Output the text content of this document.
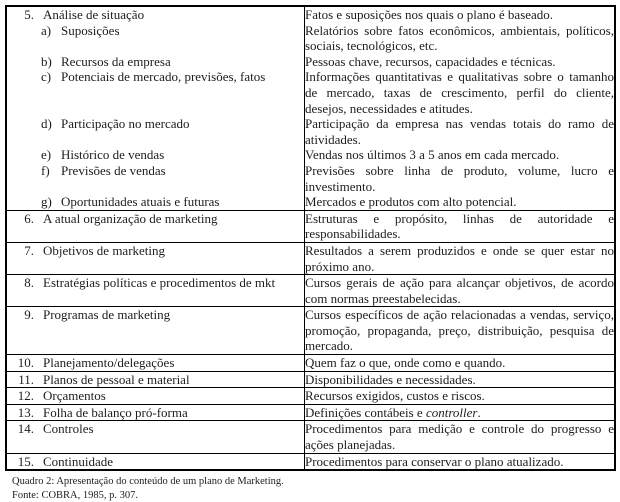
5. Análise de situação	Fatos e suposições nos quais o plano é baseado.

a) Suposições	Relatórios sobre fatos econômicos, ambientais, políticos, sociais, tecnológicos, etc.

b) Recursos da empresa	Pessoas chave, recursos, capacidades e técnicas.

c) Potenciais de mercado, previsões, fatos	Informações quantitativas e qualitativas sobre o tamanho de mercado, taxas de crescimento, perfil do cliente, desejos, necessidades e atitudes.

d) Participação no mercado	Participação da empresa nas vendas totais do ramo de atividades.

e) Histórico de vendas	Vendas nos últimos 3 a 5 anos em cada mercado.

f) Previsões de vendas	Previsões sobre linha de produto, volume, lucro e investimento.

g) Oportunidades atuais e futuras	Mercados e produtos com alto potencial.

6. A atual organização de marketing	Estruturas e propósito, linhas de autoridade e responsabilidades.

7. Objetivos de marketing	Resultados a serem produzidos e onde se quer estar no próximo ano.

8. Estratégias políticas e procedimentos de mkt	Cursos gerais de ação para alcançar objetivos, de acordo com normas preestabelecidas.

9. Programas de marketing	Cursos específicos de ação relacionadas a vendas, serviço, promoção, propaganda, preço, distribuição, pesquisa de mercado.

10. Planejamento/delegações	Quem faz o que, onde como e quando.

11. Planos de pessoal e material	Disponibilidades e necessidades.

12. Orçamentos	Recursos exigidos, custos e riscos.

13. Folha de balanço pró-forma	Definições contábeis e controller.

14. Controles	Procedimentos para medição e controle do progresso e ações planejadas.

15. Continuidade	Procedimentos para conservar o plano atualizado.
Quadro 2: Apresentação do conteúdo de um plano de Marketing.
Fonte: COBRA, 1985, p. 307.
